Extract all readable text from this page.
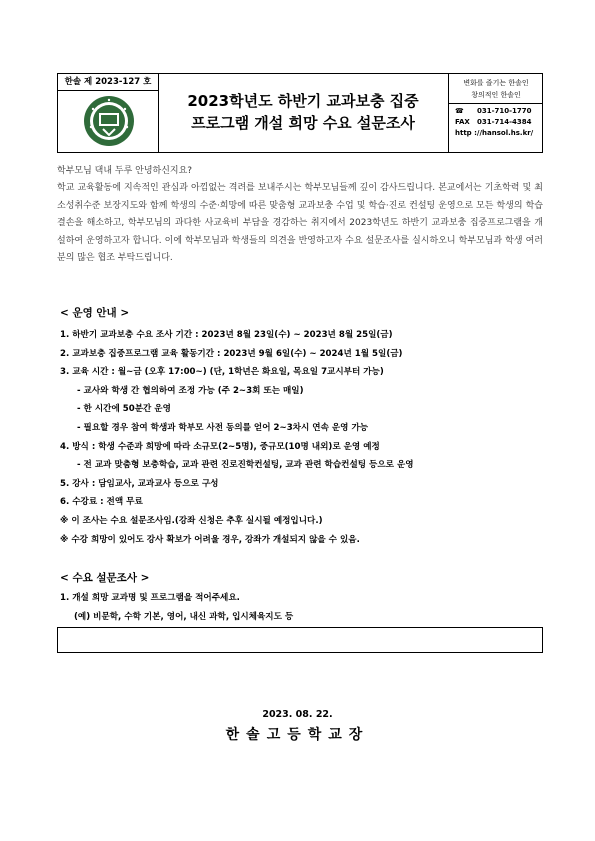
한솔 제 2023-127 호
2023학년도 하반기 교과보충 집중
프로그램 개설 희망 수요 설문조사
변화를 즐기는 한솔인
창의적인 한솔인
☎ 031-710-1770
FAX 031-714-4384
http ://hansol.hs.kr/

학부모님 댁내 두루 안녕하신지요?

학교 교육활동에 지속적인 관심과 아낌없는 격려를 보내주시는 학부모님들께 깊이 감사드립니다. 본교에서는 기초학력 및 최소성취수준 보장지도와 함께 학생의 수준·희망에 따른 맞춤형 교과보충 수업 및 학습·진로 컨설팅 운영으로 모든 학생의 학습결손을 해소하고, 학부모님의 과다한 사교육비 부담을 경감하는 취지에서 2023학년도 하반기 교과보충 집중프로그램을 개설하여 운영하고자 합니다. 이에 학부모님과 학생들의 의견을 반영하고자 수요 설문조사를 실시하오니 학부모님과 학생 여러분의 많은 협조 부탁드립니다.

< 운영 안내 >
1. 하반기 교과보충 수요 조사 기간 : 2023년 8월 23일(수) ~ 2023년 8월 25일(금)
2. 교과보충 집중프로그램 교육 활동기간 : 2023년 9월 6일(수) ~ 2024년 1월 5일(금)
3. 교육 시간 : 월~금 (오후 17:00~) (단, 1학년은 화요일, 목요일 7교시부터 가능)
- 교사와 학생 간 협의하여 조정 가능 (주 2~3회 또는 매일)
- 한 시간에 50분간 운영
- 필요할 경우 참여 학생과 학부모 사전 동의를 얻어 2~3차시 연속 운영 가능
4. 방식 : 학생 수준과 희망에 따라 소규모(2~5명), 중규모(10명 내외)로 운영 예정
- 전 교과 맞춤형 보충학습, 교과 관련 진로진학컨설팅, 교과 관련 학습컨설팅 등으로 운영
5. 강사 : 담임교사, 교과교사 등으로 구성
6. 수강료 : 전액 무료
※ 이 조사는 수요 설문조사임.(강좌 신청은 추후 실시될 예정입니다.)
※ 수강 희망이 있어도 강사 확보가 어려울 경우, 강좌가 개설되지 않을 수 있음.
< 수요 설문조사 >
1. 개설 희망 교과명 및 프로그램을 적어주세요.
(예) 비문학, 수학 기본, 영어, 내신 과학, 입시체육지도 등
2023. 08. 22.
한솔고등학교장
